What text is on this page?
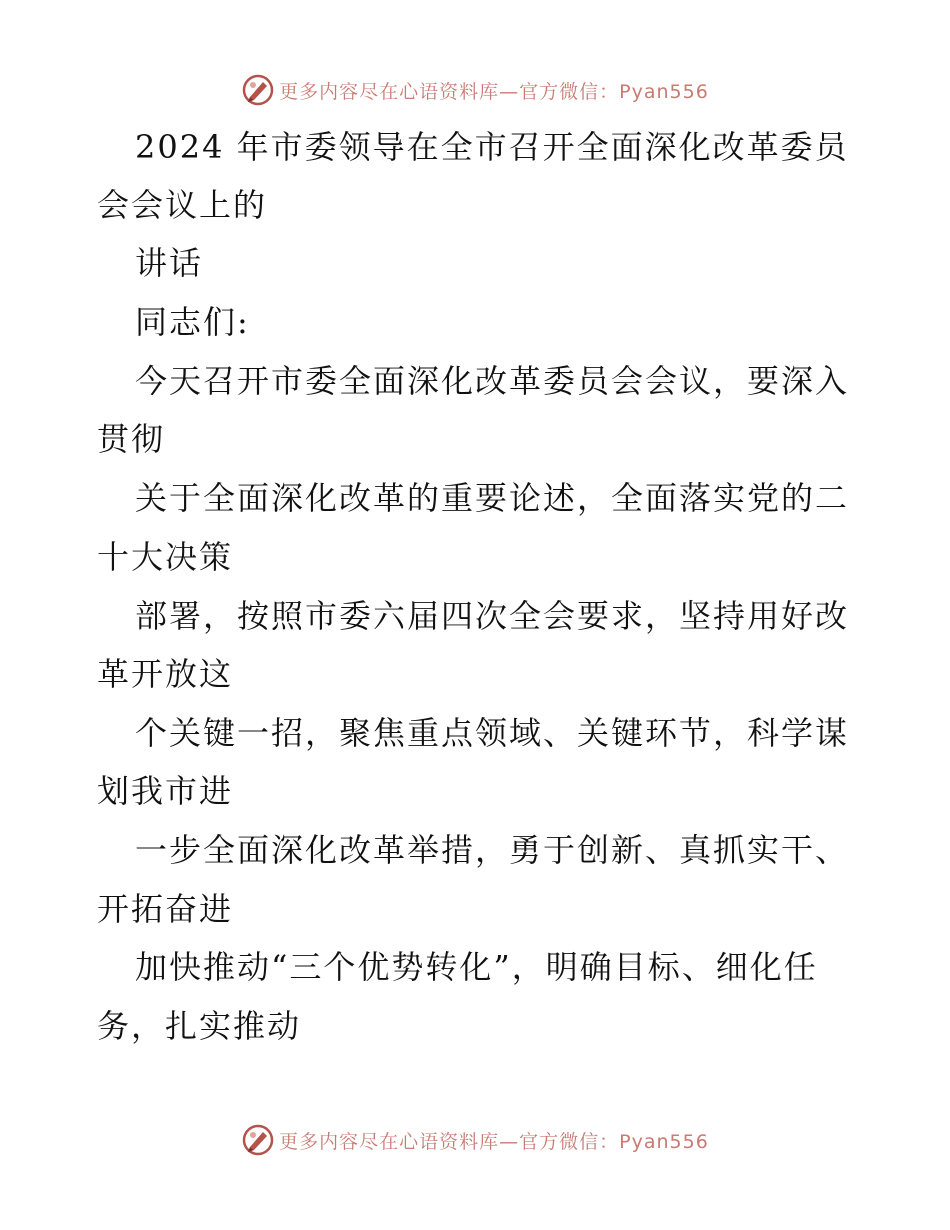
更多内容尽在心语资料库—官方微信：Pyan556
2024 年市委领导在全市召开全面深化改革委员
会会议上的
讲话
同志们:
今天召开市委全面深化改革委员会会议，要深入
贯彻
关于全面深化改革的重要论述，全面落实党的二
十大决策
部署，按照市委六届四次全会要求，坚持用好改
革开放这
个关键一招，聚焦重点领域、关键环节，科学谋
划我市进
一步全面深化改革举措，勇于创新、真抓实干、
开拓奋进
加快推动“三个优势转化”，明确目标、细化任
务，扎实推动
更多内容尽在心语资料库—官方微信：Pyan556
